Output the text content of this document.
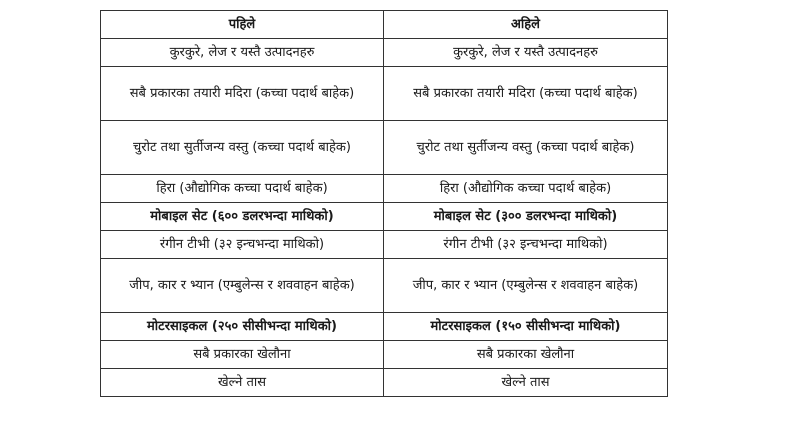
पहिले	अहिले
कुरकुरे, लेज र यस्तै उत्पादनहरु	कुरकुरे, लेज र यस्तै उत्पादनहरु
सबै प्रकारका तयारी मदिरा (कच्चा पदार्थ बाहेक)	सबै प्रकारका तयारी मदिरा (कच्चा पदार्थ बाहेक)
चुरोट तथा सुर्तीजन्य वस्तु (कच्चा पदार्थ बाहेक)	चुरोट तथा सुर्तीजन्य वस्तु (कच्चा पदार्थ बाहेक)
हिरा (औद्योगिक कच्चा पदार्थ बाहेक)	हिरा (औद्योगिक कच्चा पदार्थ बाहेक)
मोबाइल सेट (६०० डलरभन्दा माथिको)	मोबाइल सेट (३०० डलरभन्दा माथिको)
रंगीन टीभी (३२ इन्चभन्दा माथिको)	रंगीन टीभी (३२ इन्चभन्दा माथिको)
जीप, कार र भ्यान (एम्बुलेन्स र शववाहन बाहेक)	जीप, कार र भ्यान (एम्बुलेन्स र शववाहन बाहेक)
मोटरसाइकल (२५० सीसीभन्दा माथिको)	मोटरसाइकल (१५० सीसीभन्दा माथिको)
सबै प्रकारका खेलौना	सबै प्रकारका खेलौना
खेल्ने तास	खेल्ने तास
